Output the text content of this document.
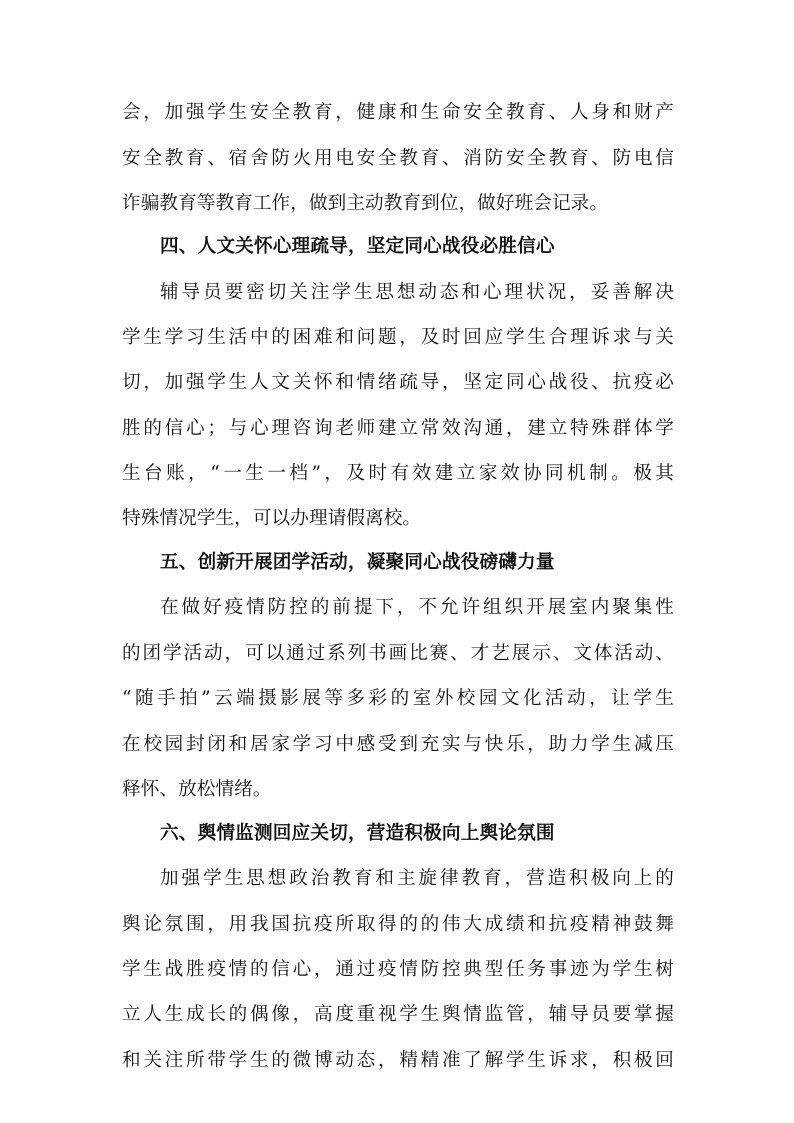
会，加强学生安全教育，健康和生命安全教育、人身和财产
安全教育、宿舍防火用电安全教育、消防安全教育、防电信
诈骗教育等教育工作，做到主动教育到位，做好班会记录。
四、人文关怀心理疏导，坚定同心战役必胜信心
辅导员要密切关注学生思想动态和心理状况，妥善解决
学生学习生活中的困难和问题，及时回应学生合理诉求与关
切，加强学生人文关怀和情绪疏导，坚定同心战役、抗疫必
胜的信心；与心理咨询老师建立常效沟通，建立特殊群体学
生台账，“一生一档”，及时有效建立家效协同机制。极其
特殊情况学生，可以办理请假离校。
五、创新开展团学活动，凝聚同心战役磅礴力量
在做好疫情防控的前提下，不允许组织开展室内聚集性
的团学活动，可以通过系列书画比赛、才艺展示、文体活动、
“随手拍”云端摄影展等多彩的室外校园文化活动，让学生
在校园封闭和居家学习中感受到充实与快乐，助力学生减压
释怀、放松情绪。
六、舆情监测回应关切，营造积极向上舆论氛围
加强学生思想政治教育和主旋律教育，营造积极向上的
舆论氛围，用我国抗疫所取得的的伟大成绩和抗疫精神鼓舞
学生战胜疫情的信心，通过疫情防控典型任务事迹为学生树
立人生成长的偶像，高度重视学生舆情监管，辅导员要掌握
和关注所带学生的微博动态，精精准了解学生诉求，积极回
